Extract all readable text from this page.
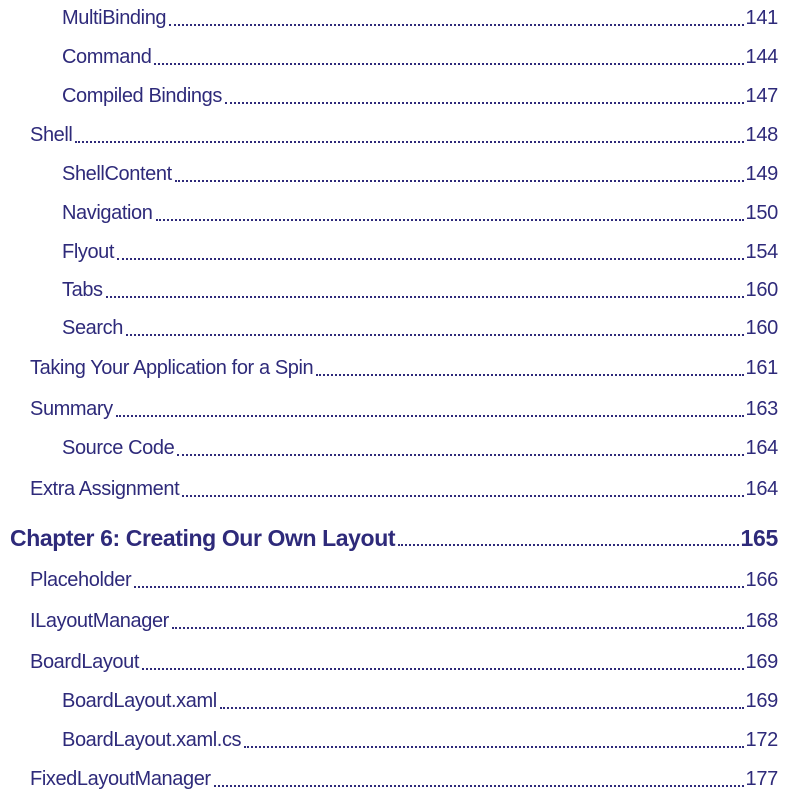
MultiBinding	141
Command	144
Compiled Bindings	147
Shell	148
ShellContent	149
Navigation	150
Flyout	154
Tabs	160
Search	160
Taking Your Application for a Spin	161
Summary	163
Source Code	164
Extra Assignment	164
Chapter 6: Creating Our Own Layout	165
Placeholder	166
ILayoutManager	168
BoardLayout	169
BoardLayout.xaml	169
BoardLayout.xaml.cs	172
FixedLayoutManager	177
